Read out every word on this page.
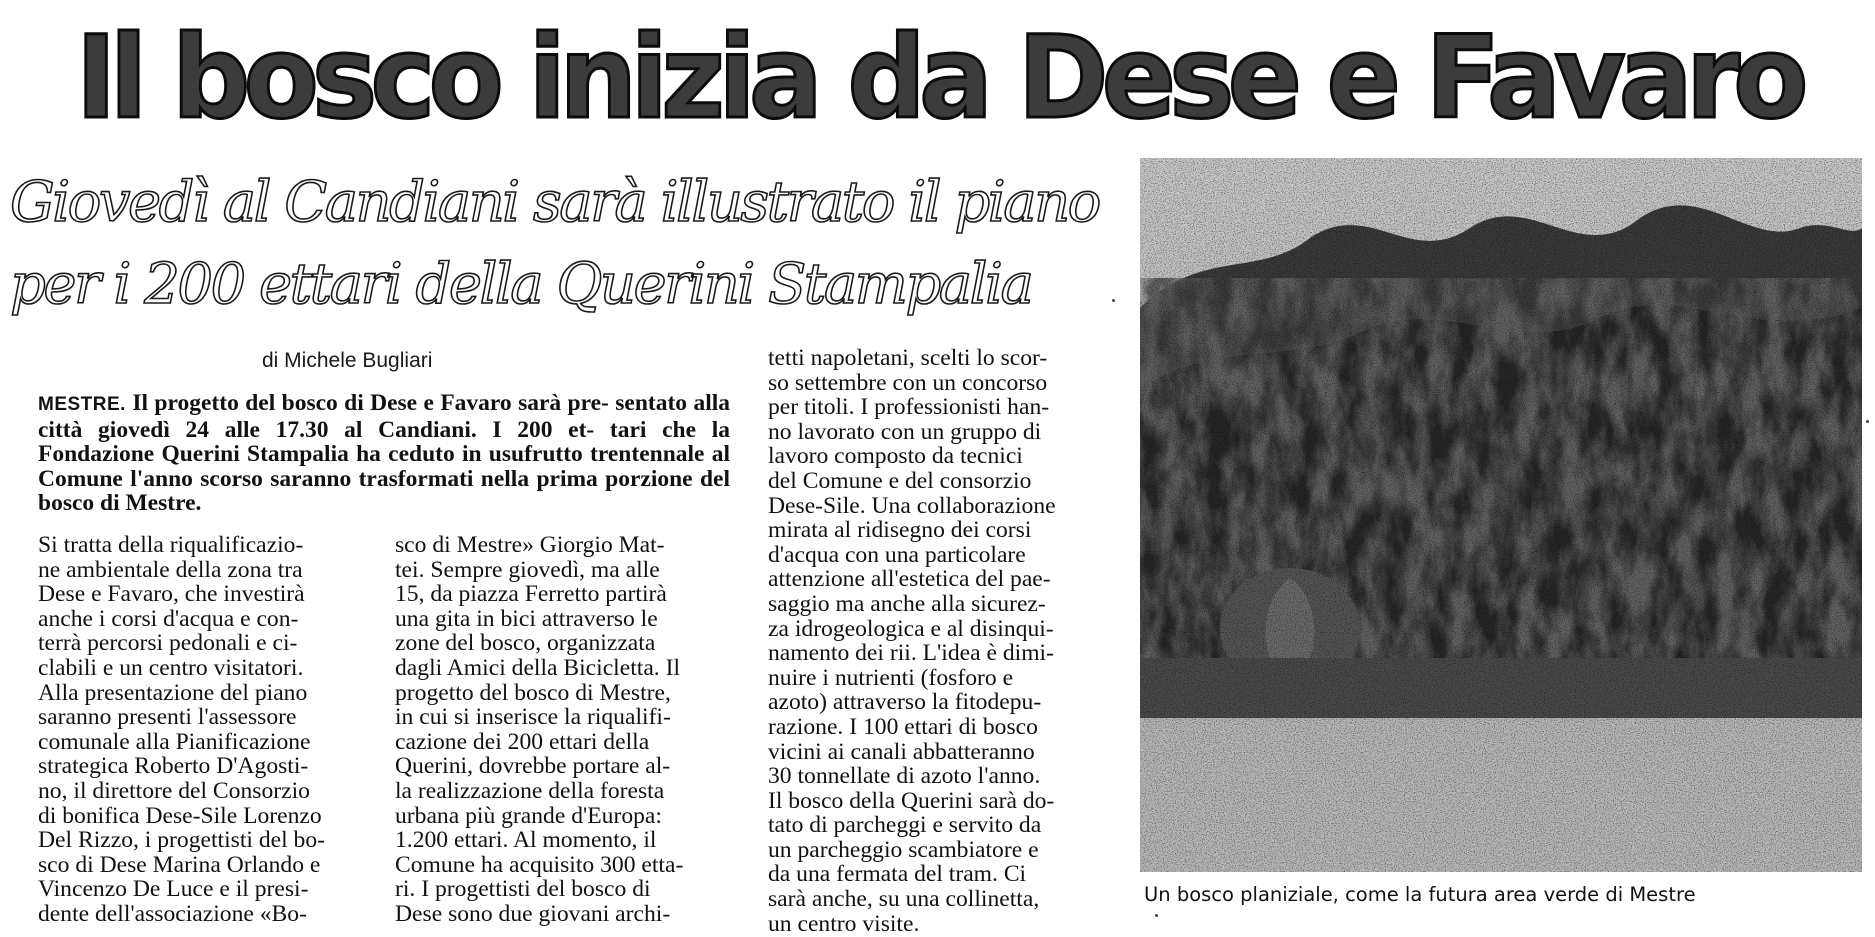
Il bosco inizia da Dese e Favaro
Giovedì al Candiani sarà illustrato il piano
per i 200 ettari della Querini Stampalia
di Michele Bugliari

MESTRE. Il progetto del bosco di Dese e Favaro sarà pre- sentato alla città giovedì 24 alle 17.30 al Candiani. I 200 et- tari che la Fondazione Querini Stampalia ha ceduto in usufrutto trentennale al Comune l'anno scorso saranno trasformati nella prima porzione del bosco di Mestre.

Si tratta della riqualificazio-
ne ambientale della zona tra
Dese e Favaro, che investirà
anche i corsi d'acqua e con-
terrà percorsi pedonali e ci-
clabili e un centro visitatori.
Alla presentazione del piano
saranno presenti l'assessore
comunale alla Pianificazione
strategica Roberto D'Agosti-
no, il direttore del Consorzio
di bonifica Dese-Sile Lorenzo
Del Rizzo, i progettisti del bo-
sco di Dese Marina Orlando e
Vincenzo De Luce e il presi-
dente dell'associazione «Bo-
sco di Mestre» Giorgio Mat-
tei. Sempre giovedì, ma alle
15, da piazza Ferretto partirà
una gita in bici attraverso le
zone del bosco, organizzata
dagli Amici della Bicicletta. Il
progetto del bosco di Mestre,
in cui si inserisce la riqualifi-
cazione dei 200 ettari della
Querini, dovrebbe portare al-
la realizzazione della foresta
urbana più grande d'Europa:
1.200 ettari. Al momento, il
Comune ha acquisito 300 etta-
ri. I progettisti del bosco di
Dese sono due giovani archi-
tetti napoletani, scelti lo scor-
so settembre con un concorso
per titoli. I professionisti han-
no lavorato con un gruppo di
lavoro composto da tecnici
del Comune e del consorzio
Dese-Sile. Una collaborazione
mirata al ridisegno dei corsi
d'acqua con una particolare
attenzione all'estetica del pae-
saggio ma anche alla sicurez-
za idrogeologica e al disinqui-
namento dei rii. L'idea è dimi-
nuire i nutrienti (fosforo e
azoto) attraverso la fitodepu-
razione. I 100 ettari di bosco
vicini ai canali abbatteranno
30 tonnellate di azoto l'anno.
Il bosco della Querini sarà do-
tato di parcheggi e servito da
un parcheggio scambiatore e
da una fermata del tram. Ci
sarà anche, su una collinetta,
un centro visite.
Un bosco planiziale, come la futura area verde di Mestre
